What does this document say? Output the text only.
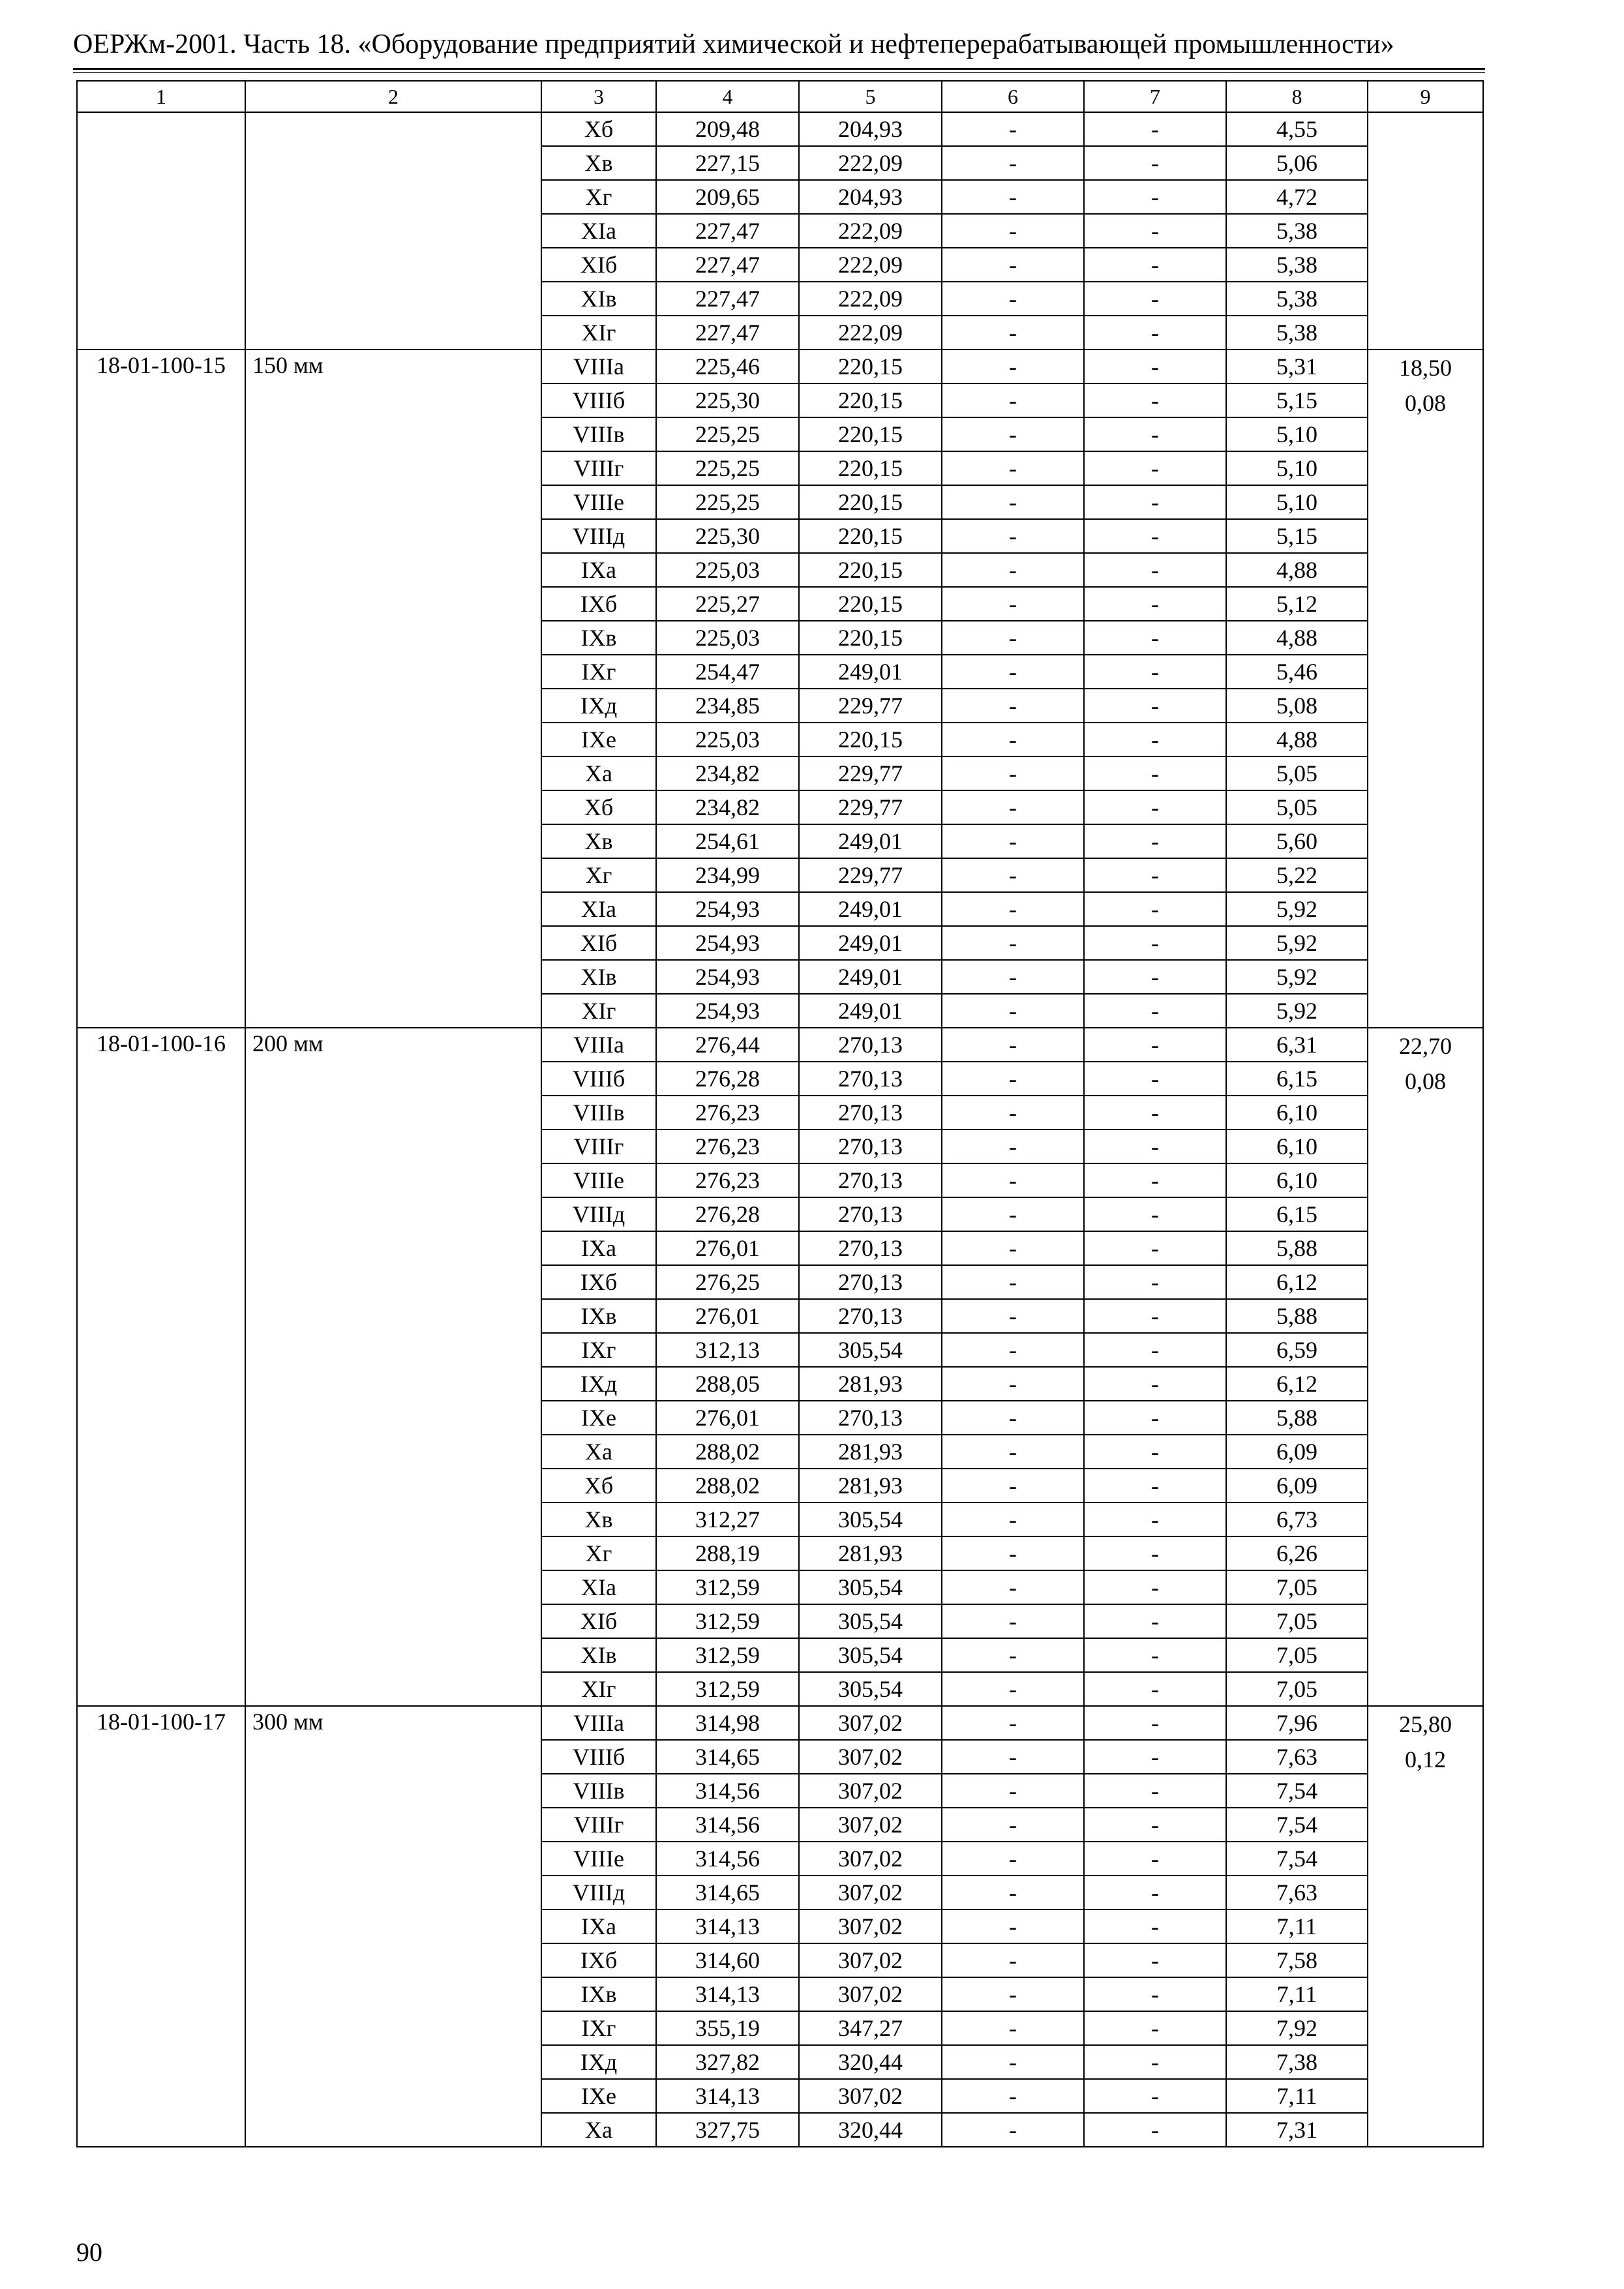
ОЕРЖм-2001. Часть 18. «Оборудование предприятий химической и нефтеперерабатывающей промышленности»
1	2	3	4	5	6	7	8	9
		Xб	209,48	204,93	-	-	4,55	
		Xв	227,15	222,09	-	-	5,06	
		Xг	209,65	204,93	-	-	4,72	
		XIа	227,47	222,09	-	-	5,38	
		XIб	227,47	222,09	-	-	5,38	
		XIв	227,47	222,09	-	-	5,38	
		XIг	227,47	222,09	-	-	5,38	
18-01-100-15	150 мм	VIIIа	225,46	220,15	-	-	5,31	18,50
0,08

		VIIIб	225,30	220,15	-	-	5,15	
		VIIIв	225,25	220,15	-	-	5,10	
		VIIIг	225,25	220,15	-	-	5,10	
		VIIIе	225,25	220,15	-	-	5,10	
		VIIIд	225,30	220,15	-	-	5,15	
		IXа	225,03	220,15	-	-	4,88	
		IXб	225,27	220,15	-	-	5,12	
		IXв	225,03	220,15	-	-	4,88	
		IXг	254,47	249,01	-	-	5,46	
		IXд	234,85	229,77	-	-	5,08	
		IXе	225,03	220,15	-	-	4,88	
		Xа	234,82	229,77	-	-	5,05	
		Xб	234,82	229,77	-	-	5,05	
		Xв	254,61	249,01	-	-	5,60	
		Xг	234,99	229,77	-	-	5,22	
		XIа	254,93	249,01	-	-	5,92	
		XIб	254,93	249,01	-	-	5,92	
		XIв	254,93	249,01	-	-	5,92	
		XIг	254,93	249,01	-	-	5,92	
18-01-100-16	200 мм	VIIIа	276,44	270,13	-	-	6,31	22,70
0,08

		VIIIб	276,28	270,13	-	-	6,15	
		VIIIв	276,23	270,13	-	-	6,10	
		VIIIг	276,23	270,13	-	-	6,10	
		VIIIе	276,23	270,13	-	-	6,10	
		VIIIд	276,28	270,13	-	-	6,15	
		IXа	276,01	270,13	-	-	5,88	
		IXб	276,25	270,13	-	-	6,12	
		IXв	276,01	270,13	-	-	5,88	
		IXг	312,13	305,54	-	-	6,59	
		IXд	288,05	281,93	-	-	6,12	
		IXе	276,01	270,13	-	-	5,88	
		Xа	288,02	281,93	-	-	6,09	
		Xб	288,02	281,93	-	-	6,09	
		Xв	312,27	305,54	-	-	6,73	
		Xг	288,19	281,93	-	-	6,26	
		XIа	312,59	305,54	-	-	7,05	
		XIб	312,59	305,54	-	-	7,05	
		XIв	312,59	305,54	-	-	7,05	
		XIг	312,59	305,54	-	-	7,05	
18-01-100-17	300 мм	VIIIа	314,98	307,02	-	-	7,96	25,80
0,12

		VIIIб	314,65	307,02	-	-	7,63	
		VIIIв	314,56	307,02	-	-	7,54	
		VIIIг	314,56	307,02	-	-	7,54	
		VIIIе	314,56	307,02	-	-	7,54	
		VIIIд	314,65	307,02	-	-	7,63	
		IXа	314,13	307,02	-	-	7,11	
		IXб	314,60	307,02	-	-	7,58	
		IXв	314,13	307,02	-	-	7,11	
		IXг	355,19	347,27	-	-	7,92	
		IXд	327,82	320,44	-	-	7,38	
		IXе	314,13	307,02	-	-	7,11	
		Xа	327,75	320,44	-	-	7,31	
90
